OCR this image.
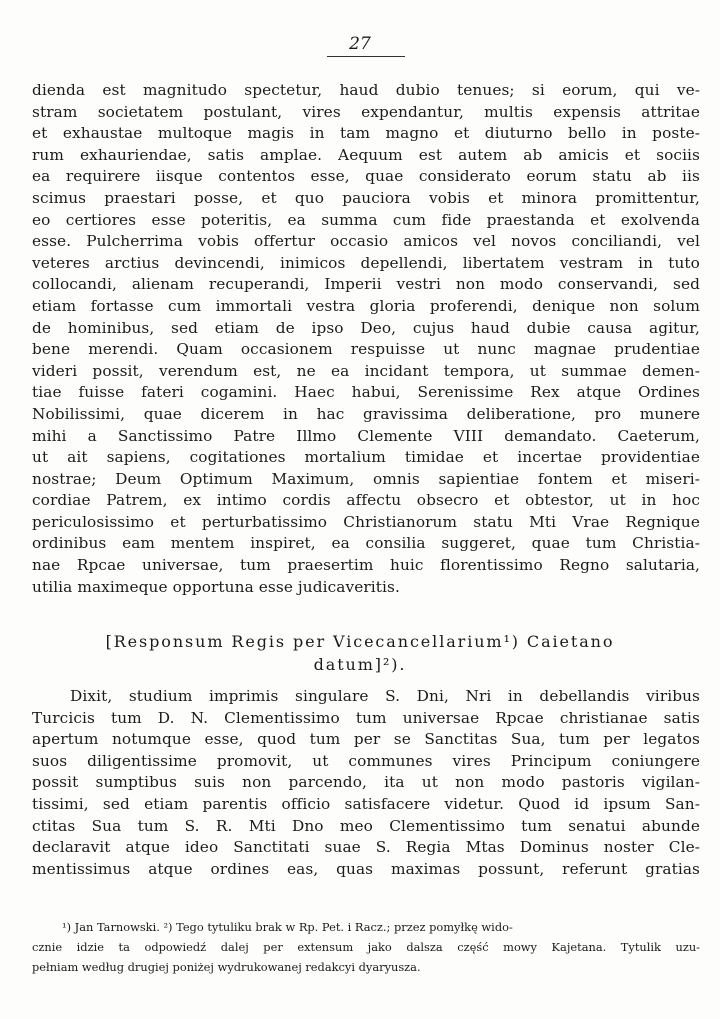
27
dienda est magnitudo spectetur, haud dubio tenues; si eorum, qui ve-
stram societatem postulant, vires expendantur, multis expensis attritae
et exhaustae multoque magis in tam magno et diuturno bello in poste-
rum exhauriendae, satis amplae. Aequum est autem ab amicis et sociis
ea requirere iisque contentos esse, quae considerato eorum statu ab iis
scimus praestari posse, et quo pauciora vobis et minora promittentur,
eo certiores esse poteritis, ea summa cum fide praestanda et exolvenda
esse. Pulcherrima vobis offertur occasio amicos vel novos conciliandi, vel
veteres arctius devincendi, inimicos depellendi, libertatem vestram in tuto
collocandi, alienam recuperandi, Imperii vestri non modo conservandi, sed
etiam fortasse cum immortali vestra gloria proferendi, denique non solum
de hominibus, sed etiam de ipso Deo, cujus haud dubie causa agitur,
bene merendi. Quam occasionem respuisse ut nunc magnae prudentiae
videri possit, verendum est, ne ea incidant tempora, ut summae demen-
tiae fuisse fateri cogamini. Haec habui, Serenissime Rex atque Ordines
Nobilissimi, quae dicerem in hac gravissima deliberatione, pro munere
mihi a Sanctissimo Patre Illmo Clemente VIII demandato. Caeterum,
ut ait sapiens, cogitationes mortalium timidae et incertae providentiae
nostrae; Deum Optimum Maximum, omnis sapientiae fontem et miseri-
cordiae Patrem, ex intimo cordis affectu obsecro et obtestor, ut in hoc
periculosissimo et perturbatissimo Christianorum statu Mti Vrae Regnique
ordinibus eam mentem inspiret, ea consilia suggeret, quae tum Christia-
nae Rpcae universae, tum praesertim huic florentissimo Regno salutaria,
utilia maximeque opportuna esse judicaveritis.
[Responsum Regis per Vicecancellarium¹) Caietano
datum]²).
Dixit, studium imprimis singulare S. Dni, Nri in debellandis viribus
Turcicis tum D. N. Clementissimo tum universae Rpcae christianae satis
apertum notumque esse, quod tum per se Sanctitas Sua, tum per legatos
suos diligentissime promovit, ut communes vires Principum coniungere
possit sumptibus suis non parcendo, ita ut non modo pastoris vigilan-
tissimi, sed etiam parentis officio satisfacere videtur. Quod id ipsum San-
ctitas Sua tum S. R. Mti Dno meo Clementissimo tum senatui abunde
declaravit atque ideo Sanctitati suae S. Regia Mtas Dominus noster Cle-
mentissimus atque ordines eas, quas maximas possunt, referunt gratias
¹) Jan Tarnowski. ²) Tego tytuliku brak w Rp. Pet. i Racz.; przez pomyłkę wido-
cznie idzie ta odpowiedź dalej per extensum jako dalsza część mowy Kajetana. Tytulik uzu-
pełniam według drugiej poniżej wydrukowanej redakcyi dyaryusza.
